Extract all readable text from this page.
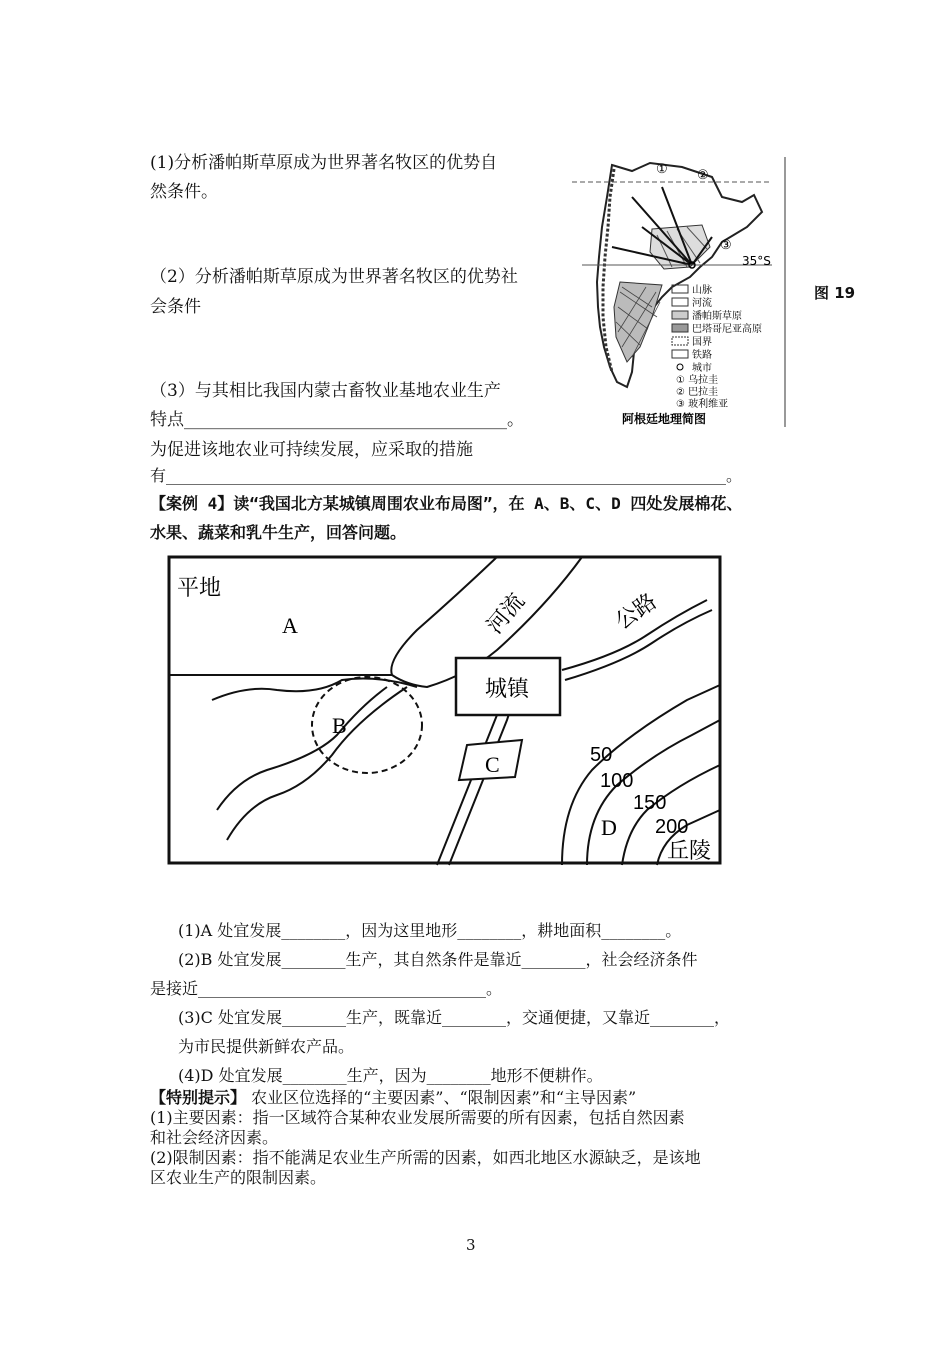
(1)分析潘帕斯草原成为世界著名牧区的优势自
然条件。
（2）分析潘帕斯草原成为世界著名牧区的优势社
会条件
（3）与其相比我国内蒙古畜牧业基地农业生产
特点______________________________________。
为促进该地农业可持续发展，应采取的措施
有______________________________________________________________________。
35°S
① ②
③
山脉
河流
潘帕斯草原
巴塔哥尼亚高原
国界
铁路
城市
① 乌拉圭
② 巴拉圭
③ 玻利维亚
阿根廷地理简图
图 19
【案例 4】读“我国北方某城镇周围农业布局图”，在 A、B、C、D 四处发展棉花、
水果、蔬菜和乳牛生产，回答问题。
平地
A
B
C
D
城镇
河流	公路
丘陵
50
100
150
200
(1)A 处宜发展________，因为这里地形________，耕地面积________。
(2)B 处宜发展________生产，其自然条件是靠近________，社会经济条件
是接近____________________________________。
(3)C 处宜发展________生产，既靠近________，交通便捷，又靠近________，
为市民提供新鲜农产品。
(4)D 处宜发展________生产，因为________地形不便耕作。
【特别提示】 农业区位选择的“主要因素”、“限制因素”和“主导因素”
(1)主要因素：指一区域符合某种农业发展所需要的所有因素，包括自然因素
和社会经济因素。
(2)限制因素：指不能满足农业生产所需的因素，如西北地区水源缺乏，是该地
区农业生产的限制因素。
3
